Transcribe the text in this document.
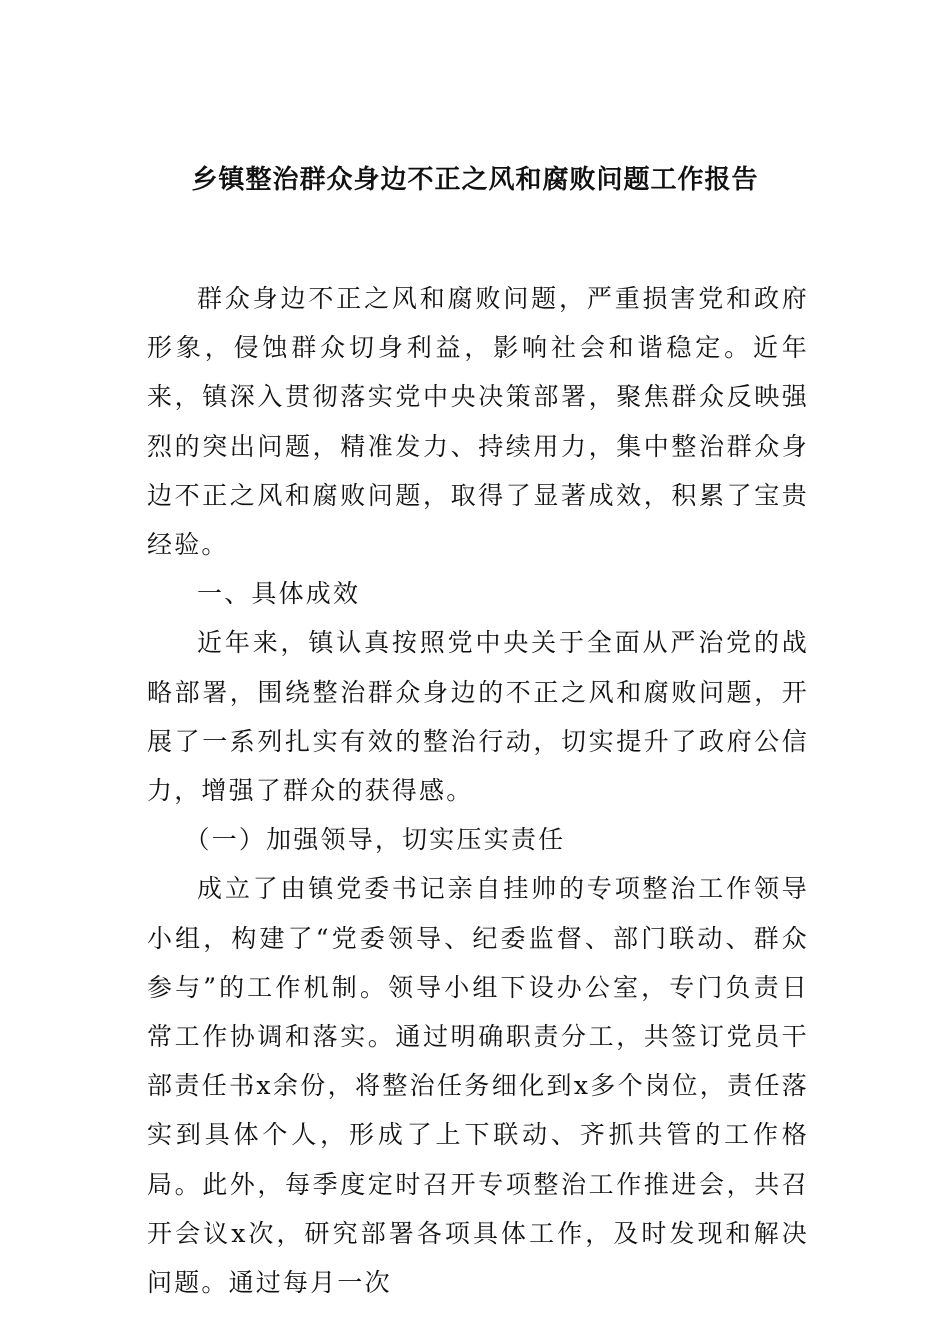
乡镇整治群众身边不正之风和腐败问题工作报告

群众身边不正之风和腐败问题，严重损害党和政府形象，侵蚀群众切身利益，影响社会和谐稳定。近年来，镇深入贯彻落实党中央决策部署，聚焦群众反映强烈的突出问题，精准发力、持续用力，集中整治群众身边不正之风和腐败问题，取得了显著成效，积累了宝贵经验。

一、具体成效

近年来，镇认真按照党中央关于全面从严治党的战略部署，围绕整治群众身边的不正之风和腐败问题，开展了一系列扎实有效的整治行动，切实提升了政府公信力，增强了群众的获得感。

（一）加强领导，切实压实责任

成立了由镇党委书记亲自挂帅的专项整治工作领导小组，构建了“党委领导、纪委监督、部门联动、群众参与”的工作机制。领导小组下设办公室，专门负责日常工作协调和落实。通过明确职责分工，共签订党员干部责任书x余份，将整治任务细化到x多个岗位，责任落实到具体个人，形成了上下联动、齐抓共管的工作格局。此外，每季度定时召开专项整治工作推进会，共召开会议x次，研究部署各项具体工作，及时发现和解决问题。通过每月一次
